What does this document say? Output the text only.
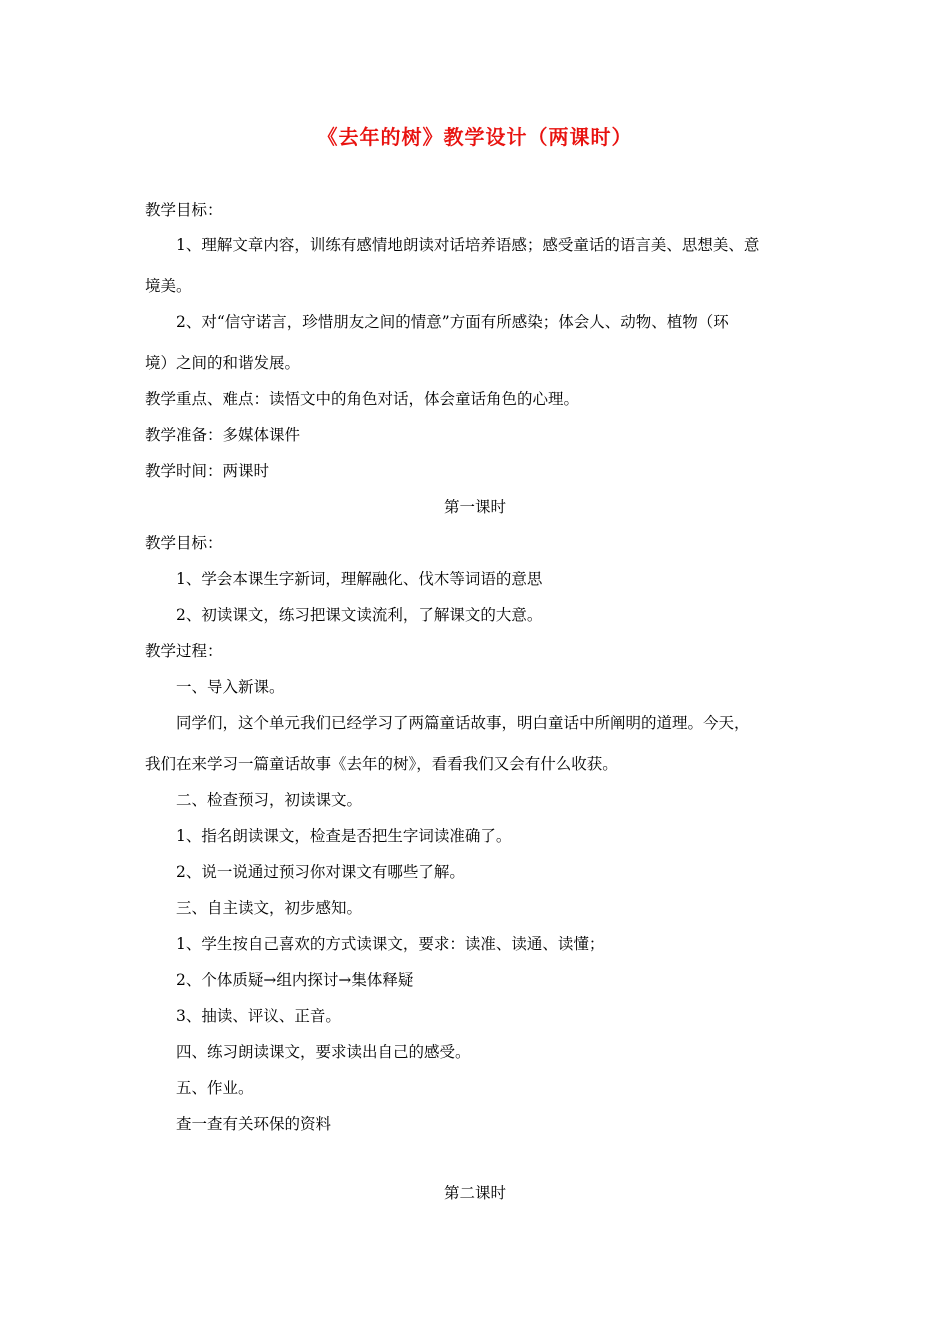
《去年的树》教学设计（两课时）
教学目标：
1、理解文章内容，训练有感情地朗读对话培养语感；感受童话的语言美、思想美、意
境美。
2、对“信守诺言，珍惜朋友之间的情意”方面有所感染；体会人、动物、植物（环
境）之间的和谐发展。
教学重点、难点：读悟文中的角色对话，体会童话角色的心理。
教学准备：多媒体课件
教学时间：两课时
第一课时
教学目标：
1、学会本课生字新词，理解融化、伐木等词语的意思
2、初读课文，练习把课文读流利，了解课文的大意。
教学过程：
一、导入新课。
同学们，这个单元我们已经学习了两篇童话故事，明白童话中所阐明的道理。今天，
我们在来学习一篇童话故事《去年的树》，看看我们又会有什么收获。
二、检查预习，初读课文。
1、指名朗读课文，检查是否把生字词读准确了。
2、说一说通过预习你对课文有哪些了解。
三、自主读文，初步感知。
1、学生按自己喜欢的方式读课文，要求：读准、读通、读懂；
2、个体质疑→组内探讨→集体释疑
3、抽读、评议、正音。
四、练习朗读课文，要求读出自己的感受。
五、作业。
查一查有关环保的资料
第二课时
